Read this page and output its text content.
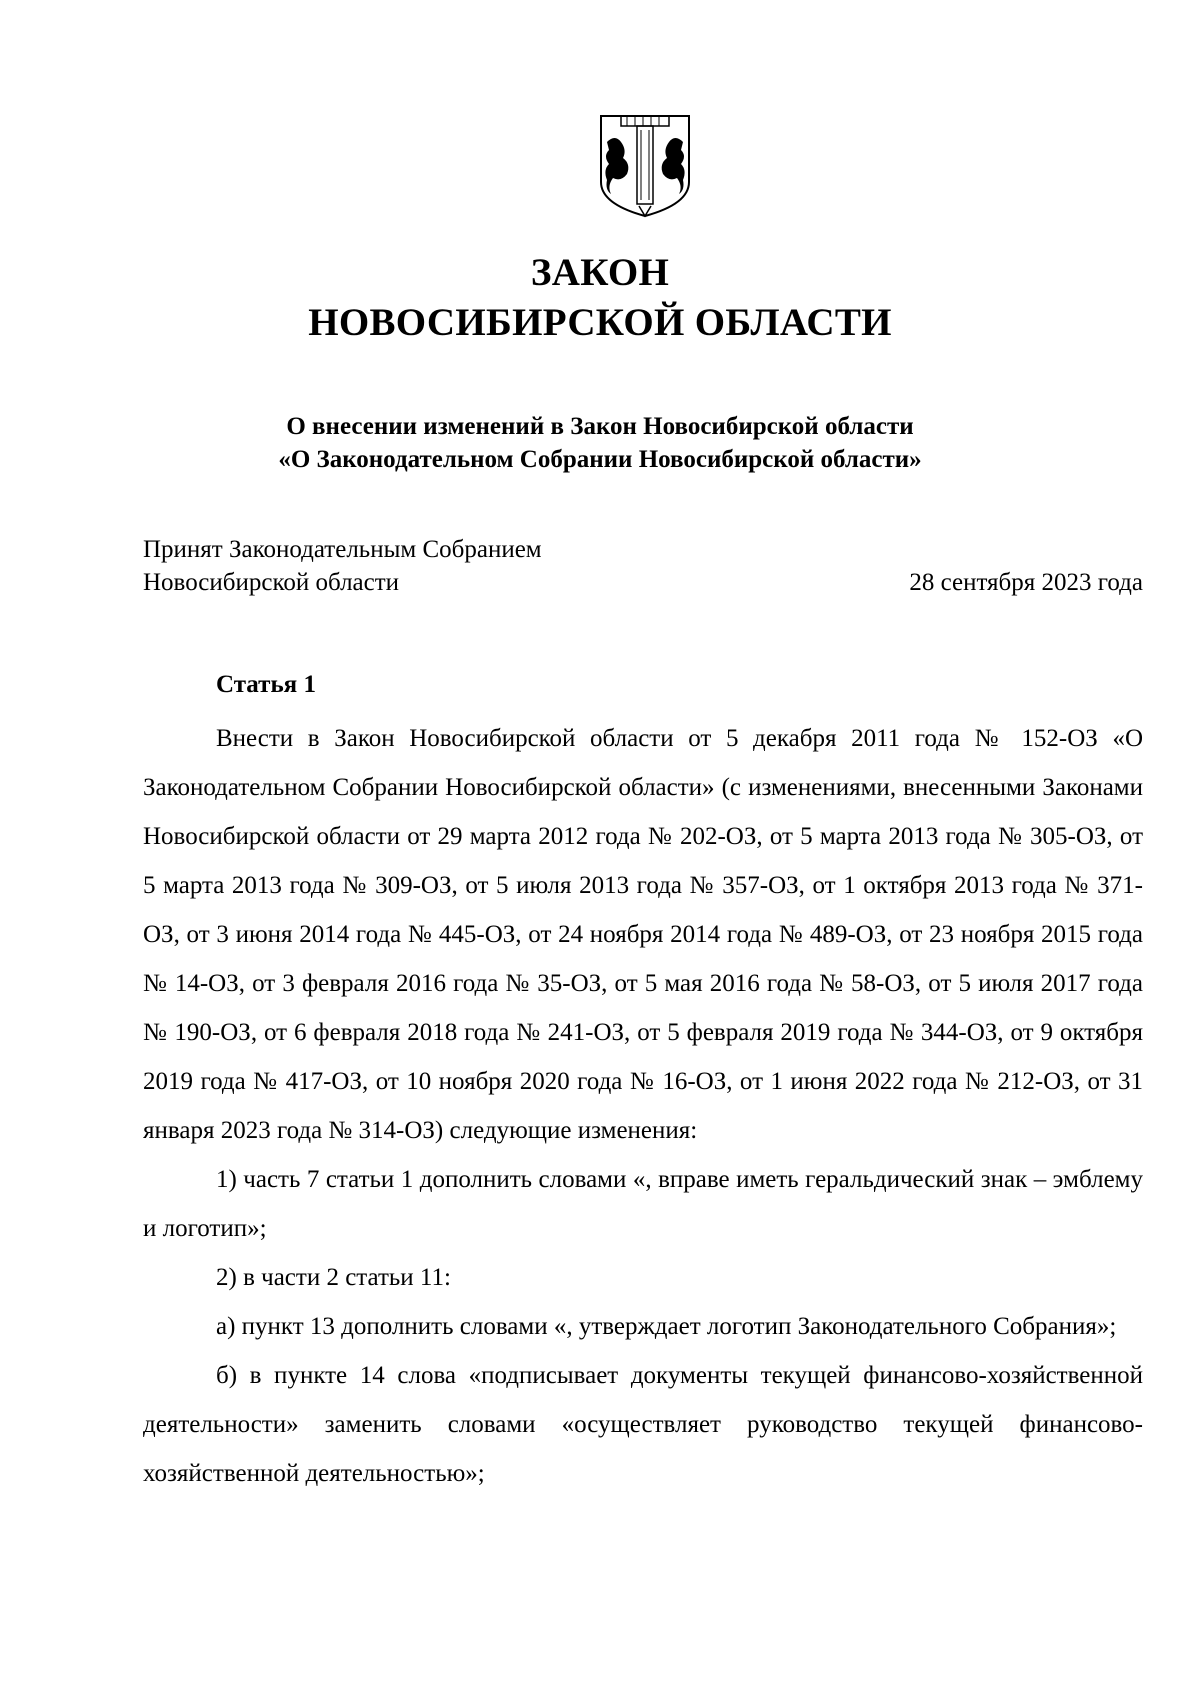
ЗАКОН
НОВОСИБИРСКОЙ ОБЛАСТИ
О внесении изменений в Закон Новосибирской области
«О Законодательном Собрании Новосибирской области»
Принят Законодательным Собранием
Новосибирской области	28 сентября 2023 года
Статья 1

Внести в Закон Новосибирской области от 5 декабря 2011 года № 152-ОЗ «О Законодательном Собрании Новосибирской области» (с изменениями, внесенными Законами Новосибирской области от 29 марта 2012 года № 202-ОЗ, от 5 марта 2013 года № 305-ОЗ, от 5 марта 2013 года № 309-ОЗ, от 5 июля 2013 года № 357-ОЗ, от 1 октября 2013 года № 371-ОЗ, от 3 июня 2014 года № 445-ОЗ, от 24 ноября 2014 года № 489-ОЗ, от 23 ноября 2015 года № 14-ОЗ, от 3 февраля 2016 года № 35-ОЗ, от 5 мая 2016 года № 58-ОЗ, от 5 июля 2017 года № 190-ОЗ, от 6 февраля 2018 года № 241-ОЗ, от 5 февраля 2019 года № 344-ОЗ, от 9 октября 2019 года № 417-ОЗ, от 10 ноября 2020 года № 16-ОЗ, от 1 июня 2022 года № 212-ОЗ, от 31 января 2023 года № 314-ОЗ) следующие изменения:

1) часть 7 статьи 1 дополнить словами «, вправе иметь геральдический знак – эмблему и логотип»;

2) в части 2 статьи 11:

а) пункт 13 дополнить словами «, утверждает логотип Законодательного Собрания»;

б) в пункте 14 слова «подписывает документы текущей финансово-хозяйственной деятельности» заменить словами «осуществляет руководство текущей финансово-хозяйственной деятельностью»;
